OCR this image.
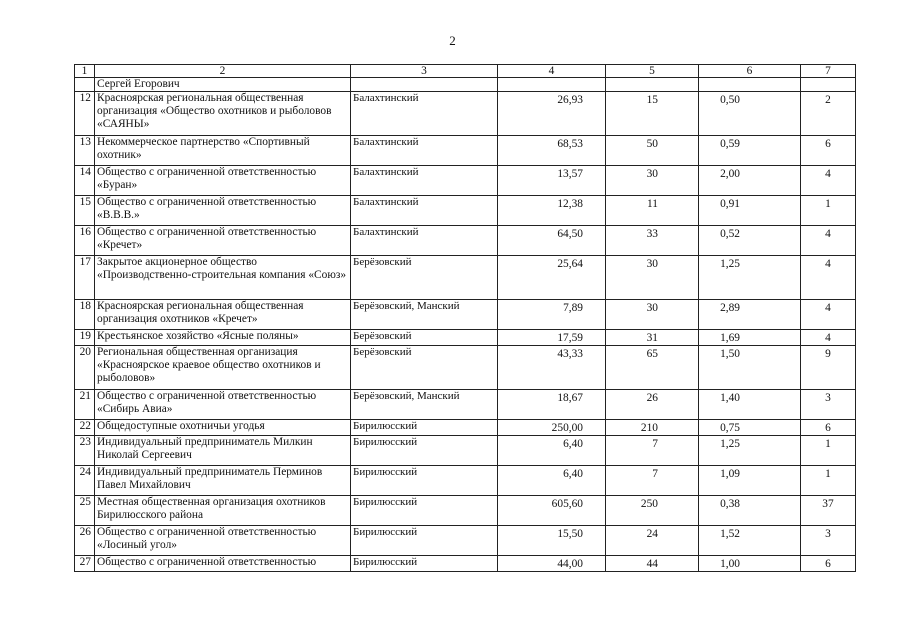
2
1	2	3	4	5	6	7
	Сергей Егорович		

12	Красноярская региональная общественная организация «Общество охотников и рыболовов «САЯНЫ»	Балахтинский	26,93	15	0,50	2

13	Некоммерческое партнерство «Спортивный охотник»	Балахтинский	68,53	50	0,59	6

14	Общество с ограниченной ответственностью «Буран»	Балахтинский	13,57	30	2,00	4

15	Общество с ограниченной ответственностью «В.В.В.»	Балахтинский	12,38	11	0,91	1

16	Общество с ограниченной ответственностью «Кречет»	Балахтинский	64,50	33	0,52	4

17	Закрытое акционерное общество «Производственно-строительная компания «Союз»	Берёзовский	25,64	30	1,25	4

18	Красноярская региональная общественная организация охотников «Кречет»	Берёзовский, Манский	7,89	30	2,89	4

19	Крестьянское хозяйство «Ясные поляны»	Берёзовский	17,59	31	1,69	4

20	Региональная общественная организация «Красноярское краевое общество охотников и рыболовов»	Берёзовский	43,33	65	1,50	9

21	Общество с ограниченной ответственностью «Сибирь Авиа»	Берёзовский, Манский	18,67	26	1,40	3

22	Общедоступные охотничьи угодья	Бирилюсский	250,00	210	0,75	6

23	Индивидуальный предприниматель Милкин Николай Сергеевич	Бирилюсский	6,40	7	1,25	1

24	Индивидуальный предприниматель Перминов Павел Михайлович	Бирилюсский	6,40	7	1,09	1

25	Местная общественная организация охотников Бирилюсского района	Бирилюсский	605,60	250	0,38	37

26	Общество с ограниченной ответственностью «Лосиный угол»	Бирилюсский	15,50	24	1,52	3

27	Общество с ограниченной ответственностью	Бирилюсский	44,00	44	1,00	6
